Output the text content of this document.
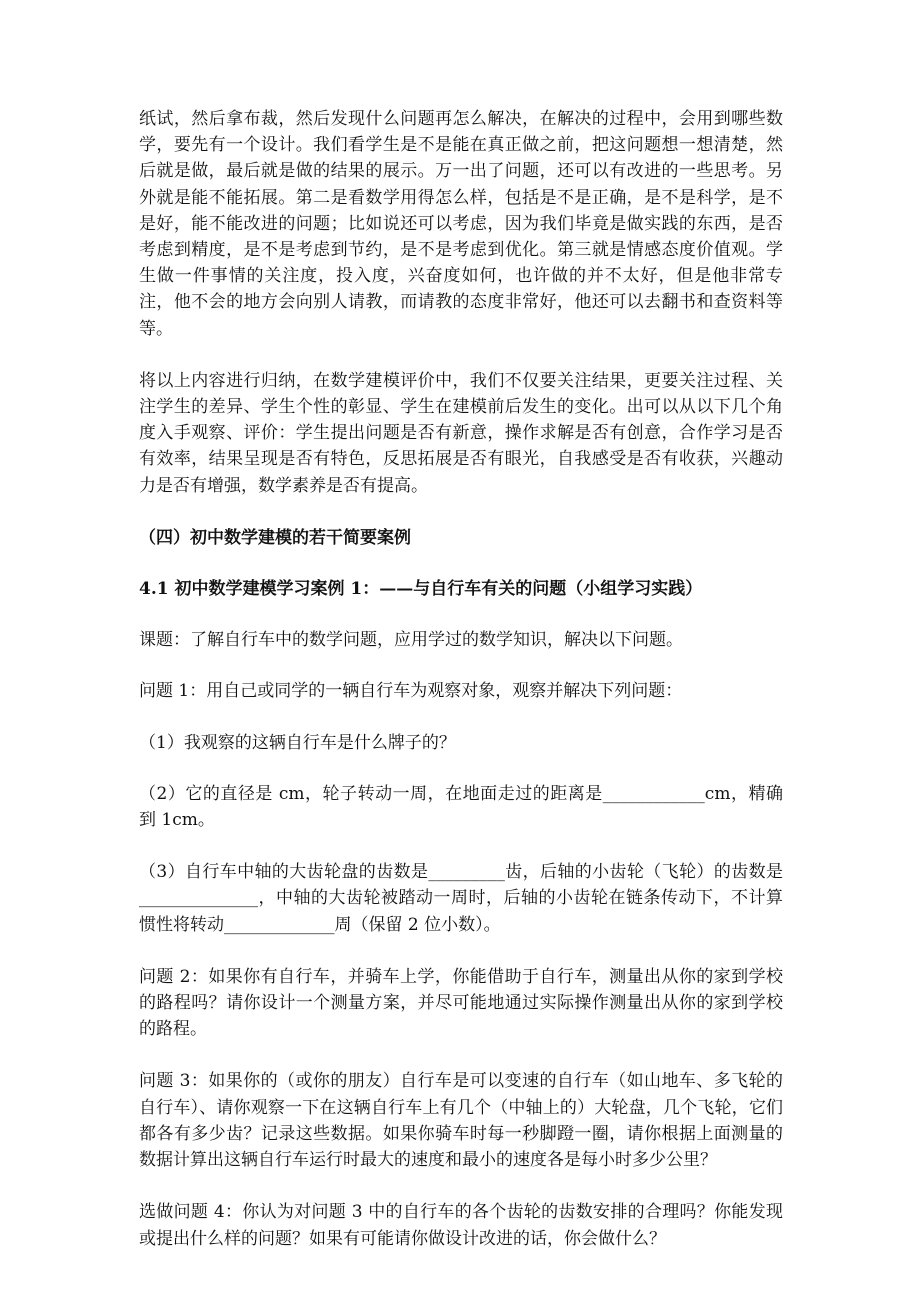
纸试，然后拿布裁，然后发现什么问题再怎么解决，在解决的过程中，会用到哪些数学，要先有一个设计。我们看学生是不是能在真正做之前，把这问题想一想清楚，然后就是做，最后就是做的结果的展示。万一出了问题，还可以有改进的一些思考。另外就是能不能拓展。第二是看数学用得怎么样，包括是不是正确，是不是科学，是不是好，能不能改进的问题；比如说还可以考虑，因为我们毕竟是做实践的东西，是否考虑到精度，是不是考虑到节约，是不是考虑到优化。第三就是情感态度价值观。学生做一件事情的关注度，投入度，兴奋度如何，也许做的并不太好，但是他非常专注，他不会的地方会向别人请教，而请教的态度非常好，他还可以去翻书和查资料等等。

将以上内容进行归纳，在数学建模评价中，我们不仅要关注结果，更要关注过程、关注学生的差异、学生个性的彰显、学生在建模前后发生的变化。出可以从以下几个角度入手观察、评价：学生提出问题是否有新意，操作求解是否有创意，合作学习是否有效率，结果呈现是否有特色，反思拓展是否有眼光，自我感受是否有收获，兴趣动力是否有增强，数学素养是否有提高。

（四）初中数学建模的若干简要案例

4.1 初中数学建模学习案例 1：——与自行车有关的问题（小组学习实践）

课题：了解自行车中的数学问题，应用学过的数学知识，解决以下问题。

问题 1：用自己或同学的一辆自行车为观察对象，观察并解决下列问题：

（1）我观察的这辆自行车是什么牌子的？

（2）它的直径是 cm，轮子转动一周，在地面走过的距离是____________cm，精确到 1cm。

（3）自行车中轴的大齿轮盘的齿数是_________齿，后轴的小齿轮（飞轮）的齿数是______________，中轴的大齿轮被踏动一周时，后轴的小齿轮在链条传动下，不计算惯性将转动_____________周（保留 2 位小数）。

问题 2：如果你有自行车，并骑车上学，你能借助于自行车，测量出从你的家到学校的路程吗？请你设计一个测量方案，并尽可能地通过实际操作测量出从你的家到学校的路程。

问题 3：如果你的（或你的朋友）自行车是可以变速的自行车（如山地车、多飞轮的自行车）、请你观察一下在这辆自行车上有几个（中轴上的）大轮盘，几个飞轮，它们都各有多少齿？记录这些数据。如果你骑车时每一秒脚蹬一圈，请你根据上面测量的数据计算出这辆自行车运行时最大的速度和最小的速度各是每小时多少公里？

选做问题 4：你认为对问题 3 中的自行车的各个齿轮的齿数安排的合理吗？你能发现或提出什么样的问题？如果有可能请你做设计改进的话，你会做什么？
